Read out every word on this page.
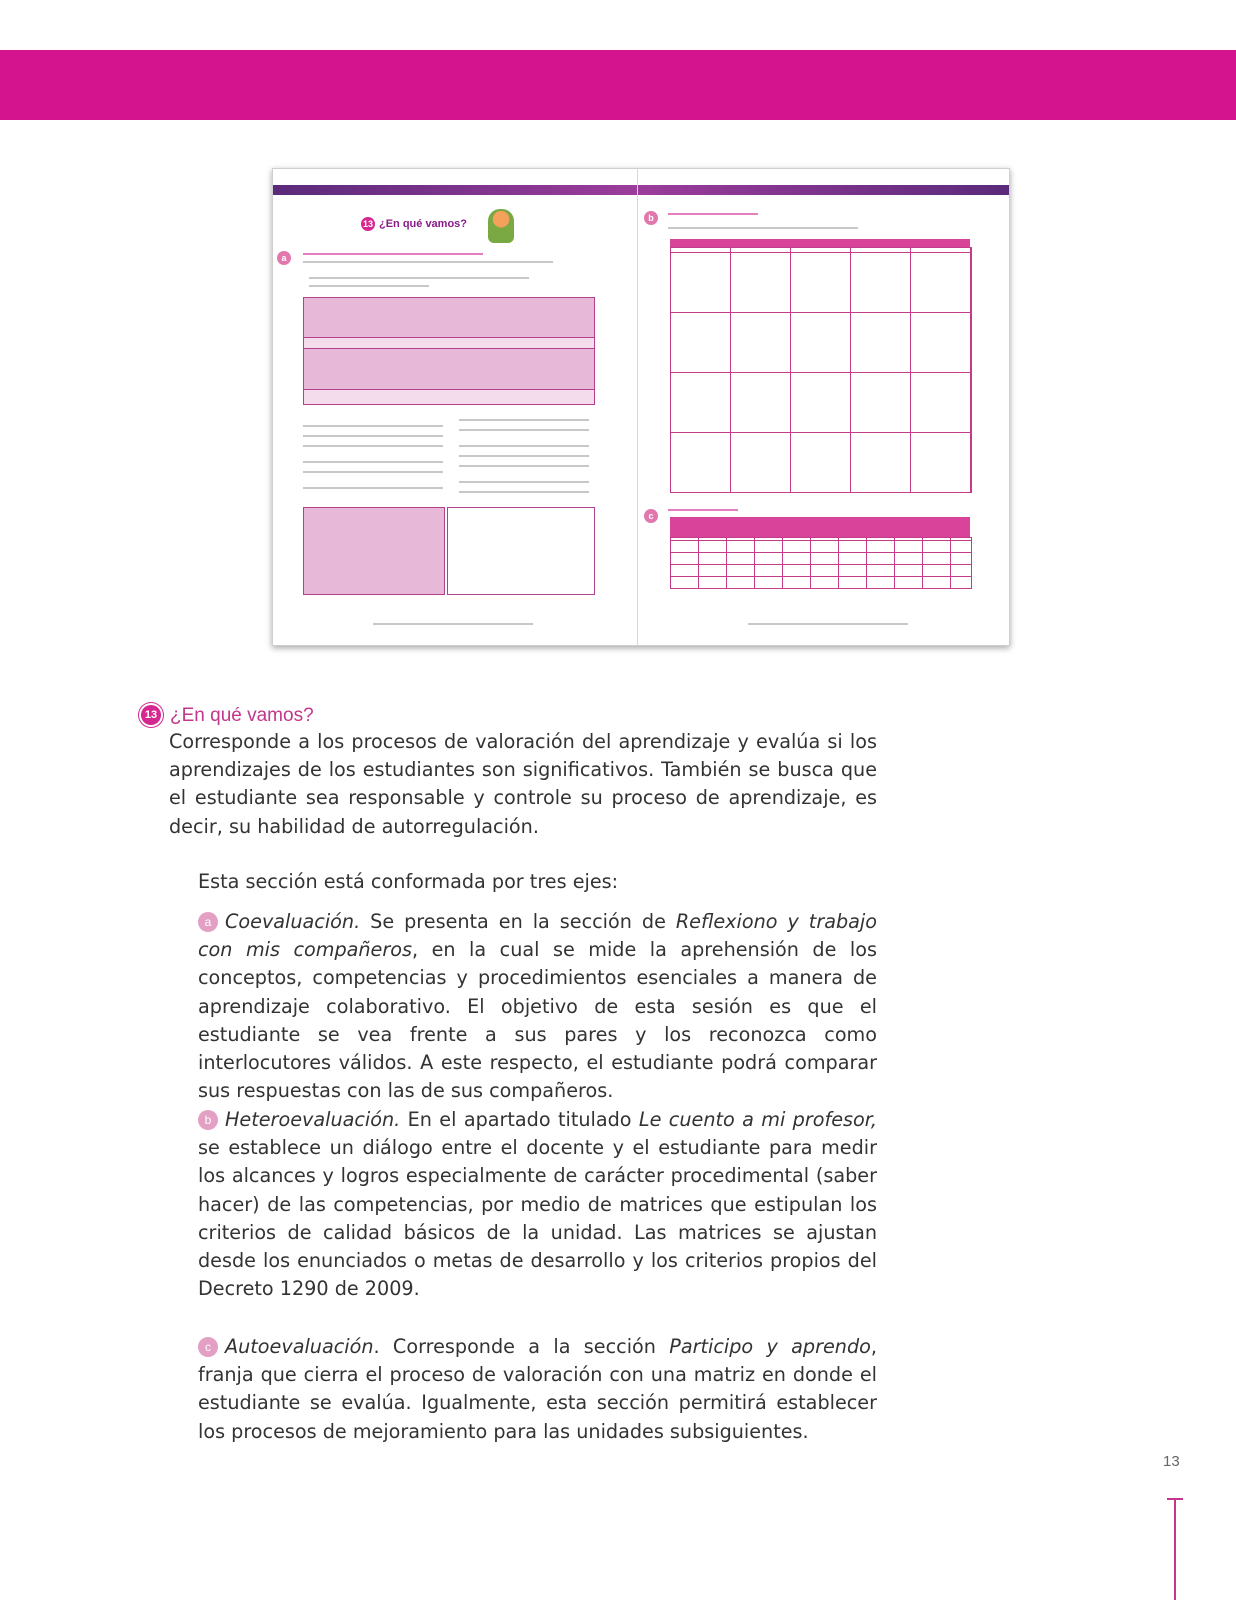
13 ¿En qué vamos?
a
b
c
13 ¿En qué vamos?
Corresponde a los procesos de valoración del aprendizaje y evalúa si los aprendizajes de los estudiantes son significativos. También se busca que el estudiante sea responsable y controle su proceso de aprendizaje, es decir, su habilidad de autorregulación.
Esta sección está conformada por tres ejes:
a Coevaluación. Se presenta en la sección de Reflexiono y trabajo con mis compañeros, en la cual se mide la aprehensión de los conceptos, competencias y procedimientos esenciales a manera de aprendizaje colaborativo. El objetivo de esta sesión es que el estudiante se vea frente a sus pares y los reconozca como interlocutores válidos. A este respecto, el estudiante podrá comparar sus respuestas con las de sus compañeros.
b Heteroevaluación. En el apartado titulado Le cuento a mi profesor, se establece un diálogo entre el docente y el estudiante para medir los alcances y logros especialmente de carácter procedimental (saber hacer) de las competencias, por medio de matrices que estipulan los criterios de calidad básicos de la unidad. Las matrices se ajustan desde los enunciados o metas de desarrollo y los criterios propios del Decreto 1290 de 2009.
c Autoevaluación. Corresponde a la sección Participo y aprendo, franja que cierra el proceso de valoración con una matriz en donde el estudiante se evalúa. Igualmente, esta sección permitirá establecer los procesos de mejoramiento para las unidades subsiguientes.
13
